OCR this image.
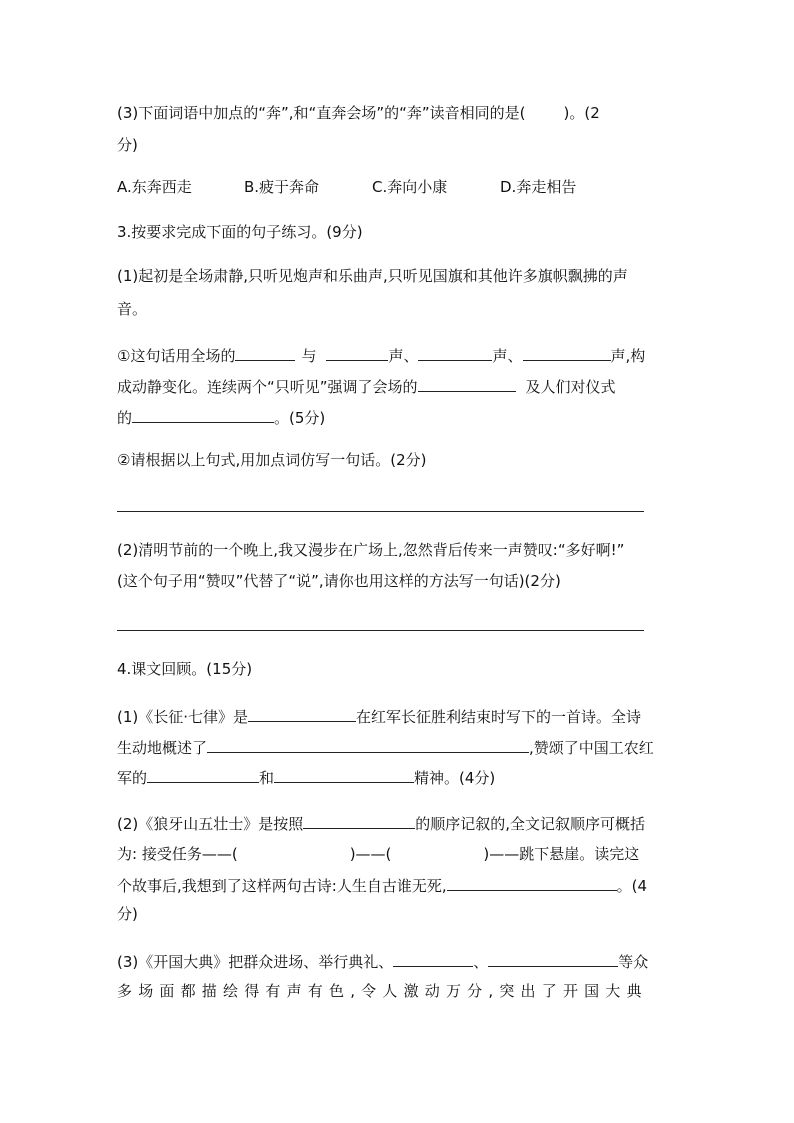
(3)下面词语中加点的“奔”,和“直奔会场”的“奔”读音相同的是(	)。(2
分)
A.东奔西走	B.疲于奔命	C.奔向小康	D.奔走相告
3.按要求完成下面的句子练习。(9分)
(1)起初是全场肃静,只听见炮声和乐曲声,只听见国旗和其他许多旗帜飘拂的声
音。
①这句话用全场的	与	声、	声、	声,构
成动静变化。连续两个“只听见”强调了会场的	及人们对仪式
的	。(5分)
②请根据以上句式,用加点词仿写一句话。(2分)
(2)清明节前的一个晚上,我又漫步在广场上,忽然背后传来一声赞叹:“多好啊!”
(这个句子用“赞叹”代替了“说”,请你也用这样的方法写一句话)(2分)
4.课文回顾。(15分)
(1)《长征·七律》是	在红军长征胜利结束时写下的一首诗。全诗
生动地概述了	,赞颂了中国工农红
军的	和	精神。(4分)
(2)《狼牙山五壮士》是按照	的顺序记叙的,全文记叙顺序可概括
为: 接受任务——(	)——(	)——跳下悬崖。读完这
个故事后,我想到了这样两句古诗:人生自古谁无死,	。(4
分)
(3)《开国大典》把群众进场、举行典礼、	、	等众
多场面都描绘得有声有色,令人激动万分,突出了开国大典
